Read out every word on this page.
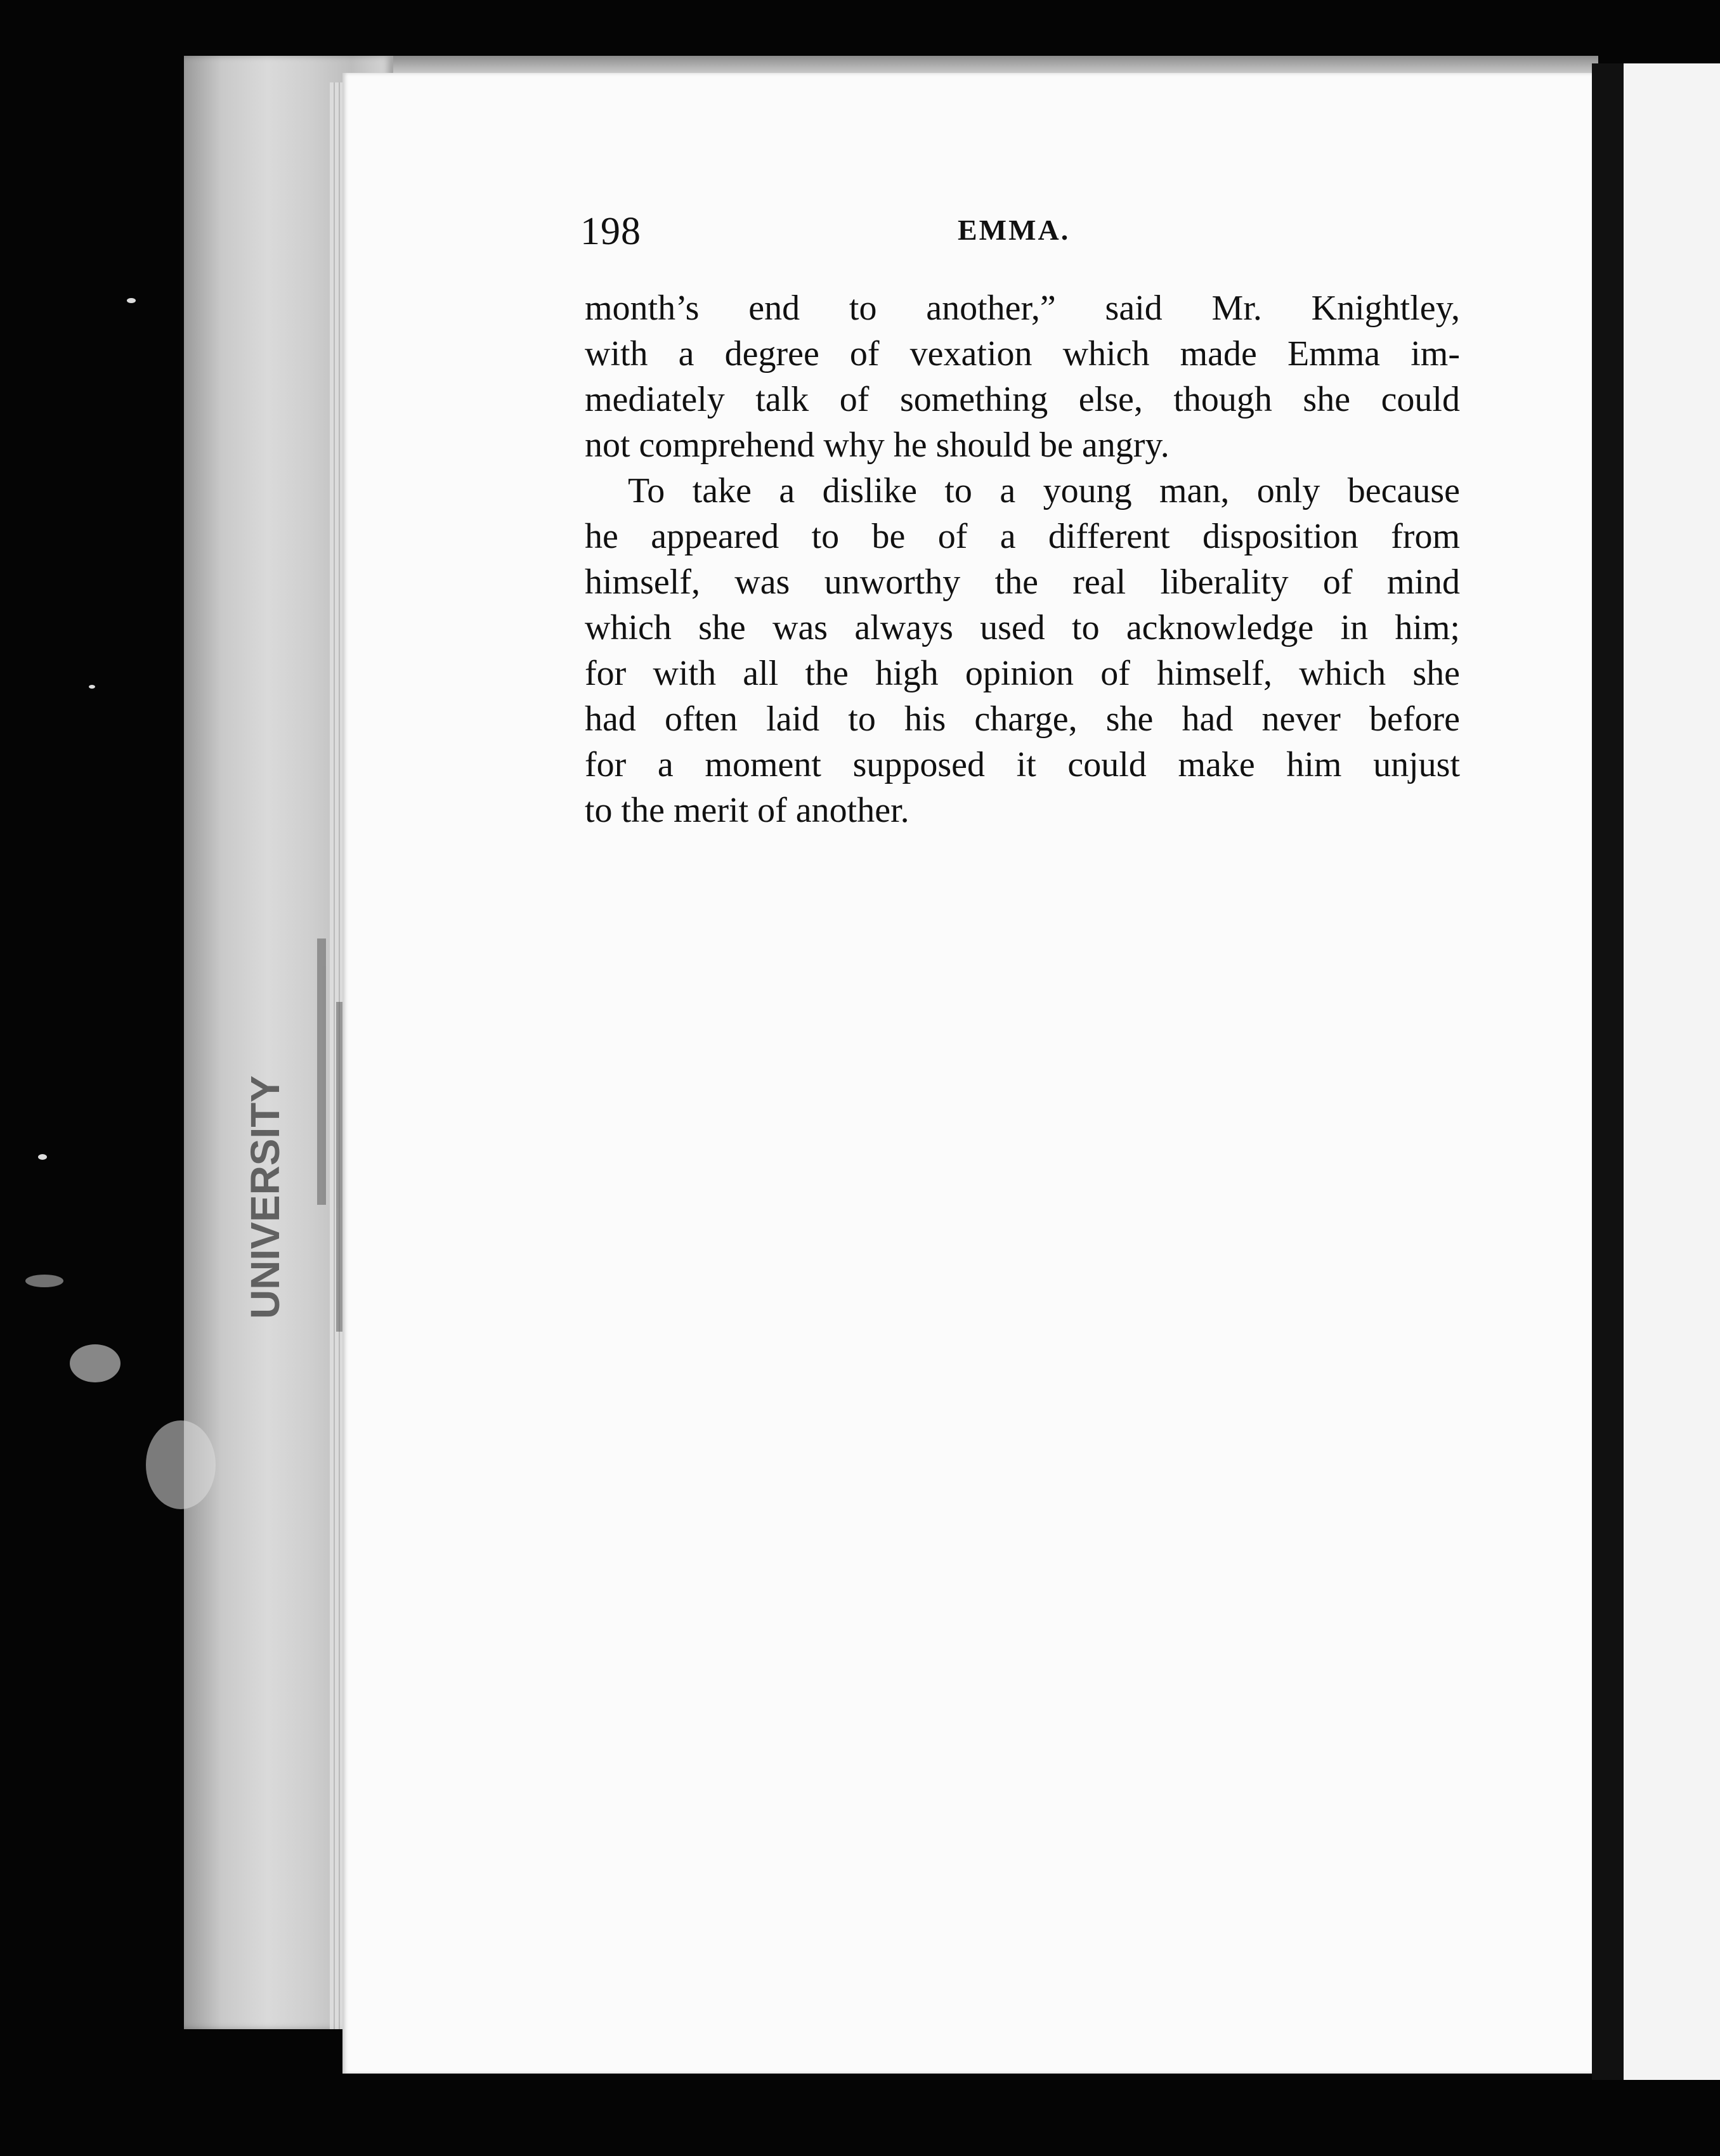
UNIVERSITY
198	EMMA.
month’s end to another,” said Mr. Knightley,
with a degree of vexation which made Emma im-
mediately talk of something else, though she could
not comprehend why he should be angry.
To take a dislike to a young man, only because
he appeared to be of a different disposition from
himself, was unworthy the real liberality of mind
which she was always used to acknowledge in him;
for with all the high opinion of himself, which she
had often laid to his charge, she had never before
for a moment supposed it could make him unjust
to the merit of another.
